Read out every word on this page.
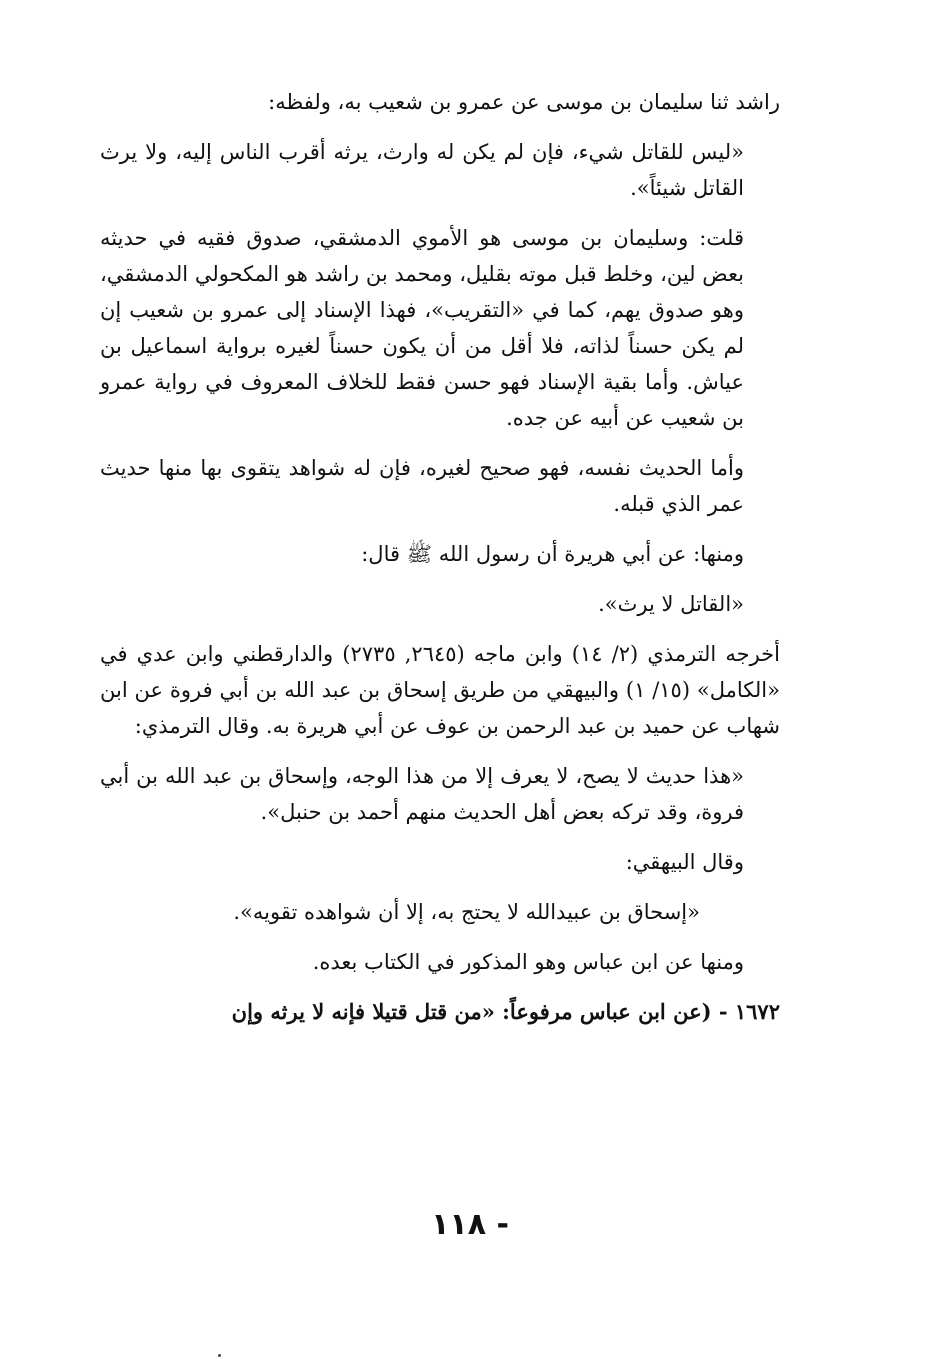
راشد ثنا سليمان بن موسى عن عمرو بن شعيب به، ولفظه:

«ليس للقاتل شيء، فإن لم يكن له وارث، يرثه أقرب الناس إليه، ولا يرث القاتل شيئاً».

قلت: وسليمان بن موسى هو الأموي الدمشقي، صدوق فقيه في حديثه بعض لين، وخلط قبل موته بقليل، ومحمد بن راشد هو المكحولي الدمشقي، وهو صدوق يهم، كما في «التقريب»، فهذا الإسناد إلى عمرو بن شعيب إن لم يكن حسناً لذاته، فلا أقل من أن يكون حسناً لغيره برواية اسماعيل بن عياش. وأما بقية الإسناد فهو حسن فقط للخلاف المعروف في رواية عمرو بن شعيب عن أبيه عن جده.

وأما الحديث نفسه، فهو صحيح لغيره، فإن له شواهد يتقوى بها منها حديث عمر الذي قبله.

ومنها: عن أبي هريرة أن رسول الله ﷺ قال:

«القاتل لا يرث».

أخرجه الترمذي (٢/ ١٤) وابن ماجه (٢٦٤٥, ٢٧٣٥) والدارقطني وابن عدي في «الكامل» (١٥/ ١) والبيهقي من طريق إسحاق بن عبد الله بن أبي فروة عن ابن شهاب عن حميد بن عبد الرحمن بن عوف عن أبي هريرة به. وقال الترمذي:

«هذا حديث لا يصح، لا يعرف إلا من هذا الوجه، وإسحاق بن عبد الله بن أبي فروة، وقد تركه بعض أهل الحديث منهم أحمد بن حنبل».

وقال البيهقي:

«إسحاق بن عبيدالله لا يحتج به، إلا أن شواهده تقويه».

ومنها عن ابن عباس وهو المذكور في الكتاب بعده.

١٦٧٢ - (عن ابن عباس مرفوعاً: «من قتل قتيلا فإنه لا يرثه وإن

- ١١٨
